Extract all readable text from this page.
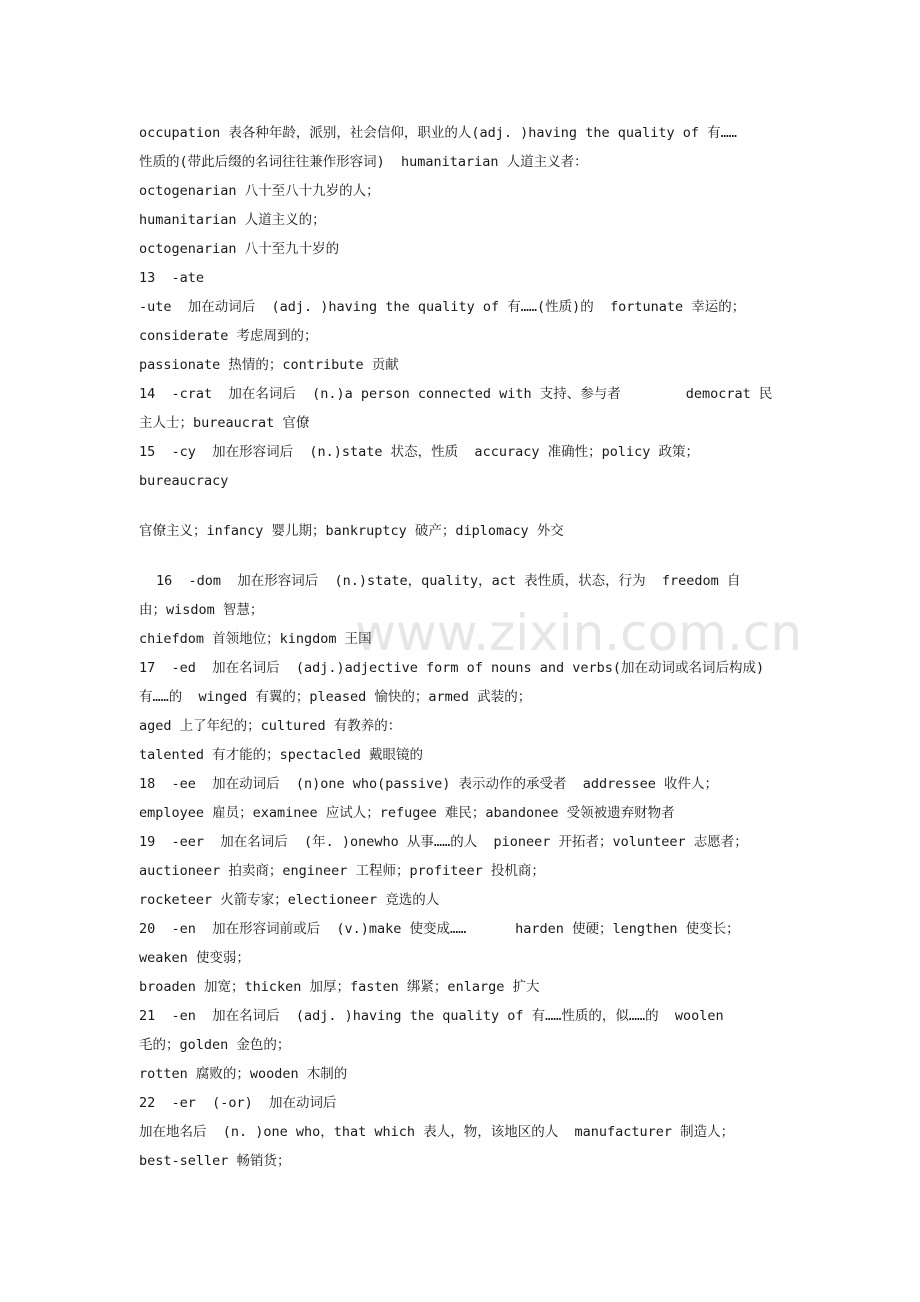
www.zixin.com.cn
occupation 表各种年龄，派别，社会信仰，职业的人(adj. )having the quality of 有……
性质的(带此后缀的名词往往兼作形容词)  humanitarian 人道主义者：
octogenarian 八十至八十九岁的人；
humanitarian 人道主义的；
octogenarian 八十至九十岁的
13  -ate
-ute  加在动词后  (adj. )having the quality of 有……(性质)的  fortunate 幸运的；
considerate 考虑周到的；
passionate 热情的；contribute 贡献
14  -crat  加在名词后  (n.)a person connected with 支持、参与者        democrat 民
主人士；bureaucrat 官僚
15  -cy  加在形容词后  (n.)state 状态，性质  accuracy 准确性；policy 政策；
bureaucracy
官僚主义；infancy 婴儿期；bankruptcy 破产；diplomacy 外交
16  -dom  加在形容词后  (n.)state，quality，act 表性质，状态，行为  freedom 自
由；wisdom 智慧；
chiefdom 首领地位；kingdom 王国
17  -ed  加在名词后  (adj.)adjective form of nouns and verbs(加在动词或名词后构成)
有……的  winged 有翼的；pleased 愉快的；armed 武装的；
aged 上了年纪的；cultured 有教养的：
talented 有才能的；spectacled 戴眼镜的
18  -ee  加在动词后  (n)one who(passive) 表示动作的承受者  addressee 收件人；
employee 雇员；examinee 应试人；refugee 难民；abandonee 受领被遗弃财物者
19  -eer  加在名词后  (年. )onewho 从事……的人  pioneer 开拓者；volunteer 志愿者；
auctioneer 拍卖商；engineer 工程师；profiteer 投机商；
rocketeer 火箭专家；electioneer 竞选的人
20  -en  加在形容词前或后  (v.)make 使变成……      harden 使硬；lengthen 使变长；
weaken 使变弱；
broaden 加宽；thicken 加厚；fasten 绑紧；enlarge 扩大
21  -en  加在名词后  (adj. )having the quality of 有……性质的，似……的  woolen
毛的；golden 金色的；
rotten 腐败的；wooden 木制的
22  -er  (-or)  加在动词后
加在地名后  (n. )one who，that which 表人，物，该地区的人  manufacturer 制造人；
best-seller 畅销货；
